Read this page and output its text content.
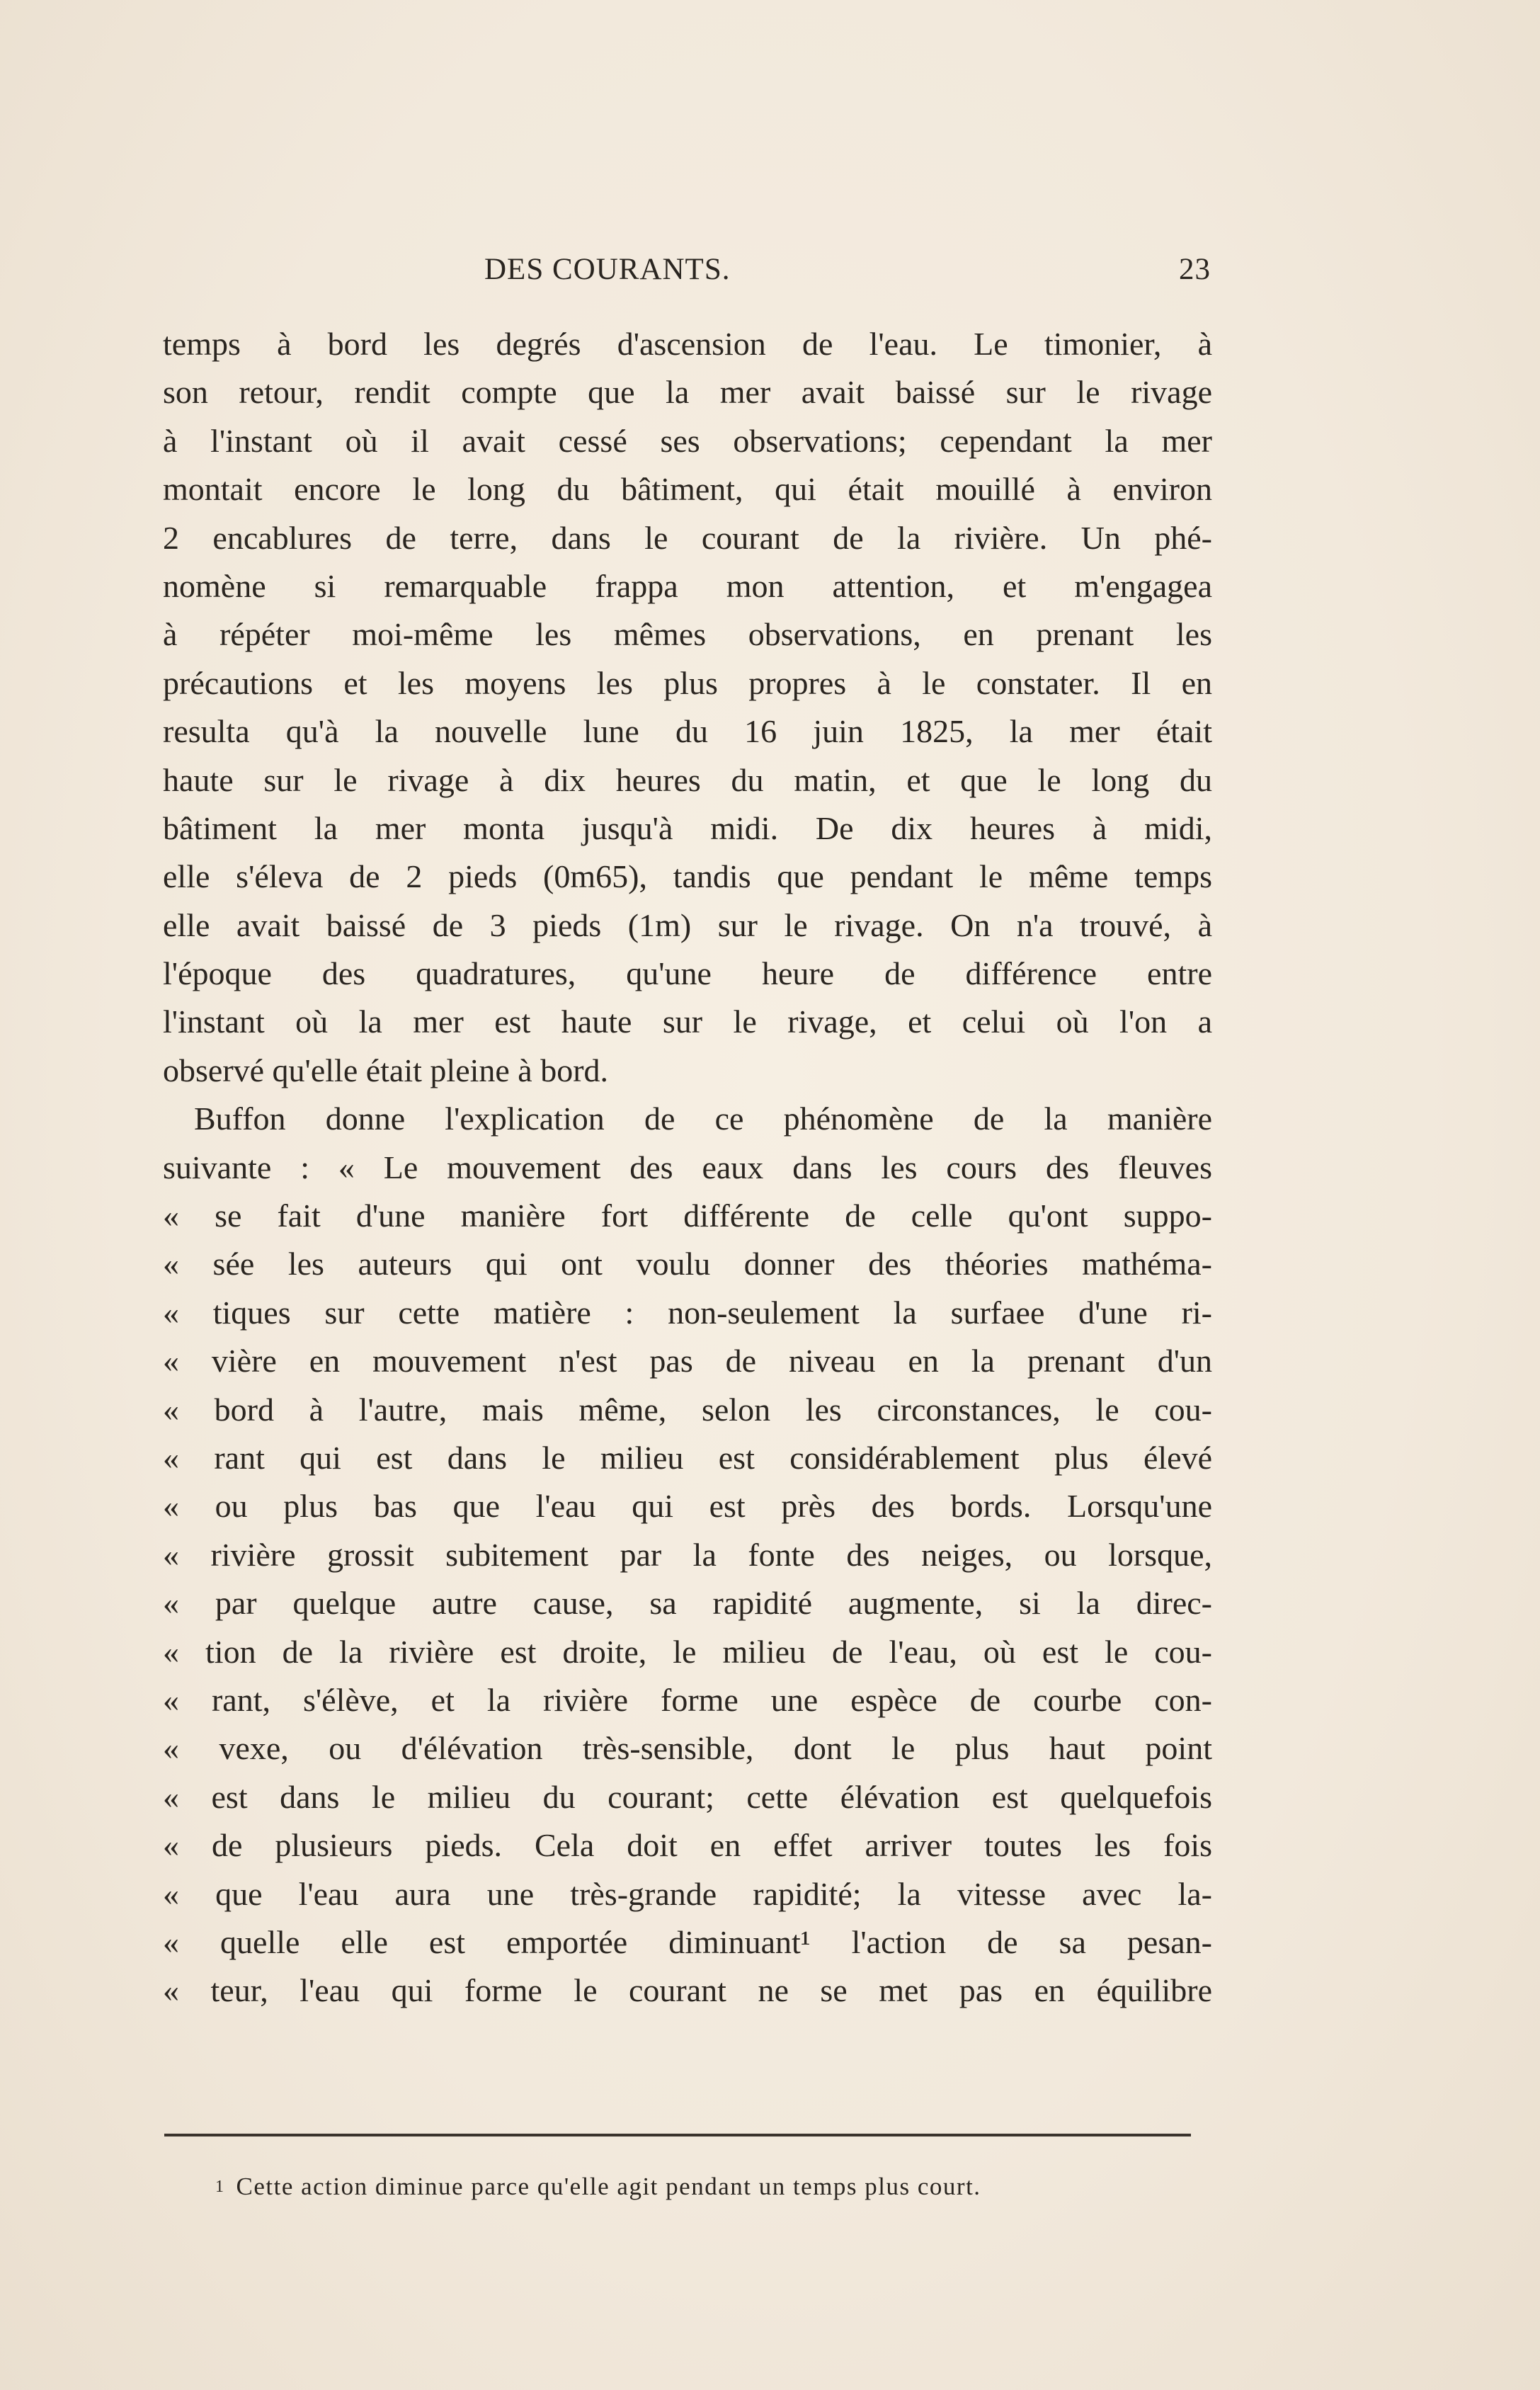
DES COURANTS.	23
temps à bord les degrés d'ascension de l'eau. Le timonier, à
son retour, rendit compte que la mer avait baissé sur le rivage
à l'instant où il avait cessé ses observations; cependant la mer
montait encore le long du bâtiment, qui était mouillé à environ
2 encablures de terre, dans le courant de la rivière. Un phé-
nomène si remarquable frappa mon attention, et m'engagea
à répéter moi-même les mêmes observations, en prenant les
précautions et les moyens les plus propres à le constater. Il en
resulta qu'à la nouvelle lune du 16 juin 1825, la mer était
haute sur le rivage à dix heures du matin, et que le long du
bâtiment la mer monta jusqu'à midi. De dix heures à midi,
elle s'éleva de 2 pieds (0m65), tandis que pendant le même temps
elle avait baissé de 3 pieds (1m) sur le rivage. On n'a trouvé, à
l'époque des quadratures, qu'une heure de différence entre
l'instant où la mer est haute sur le rivage, et celui où l'on a
observé qu'elle était pleine à bord.
Buffon donne l'explication de ce phénomène de la manière
suivante : « Le mouvement des eaux dans les cours des fleuves
« se fait d'une manière fort différente de celle qu'ont suppo-
« sée les auteurs qui ont voulu donner des théories mathéma-
« tiques sur cette matière : non-seulement la surfaee d'une ri-
« vière en mouvement n'est pas de niveau en la prenant d'un
« bord à l'autre, mais même, selon les circonstances, le cou-
« rant qui est dans le milieu est considérablement plus élevé
« ou plus bas que l'eau qui est près des bords. Lorsqu'une
« rivière grossit subitement par la fonte des neiges, ou lorsque,
« par quelque autre cause, sa rapidité augmente, si la direc-
« tion de la rivière est droite, le milieu de l'eau, où est le cou-
« rant, s'élève, et la rivière forme une espèce de courbe con-
« vexe, ou d'élévation très-sensible, dont le plus haut point
« est dans le milieu du courant; cette élévation est quelquefois
« de plusieurs pieds. Cela doit en effet arriver toutes les fois
« que l'eau aura une très-grande rapidité; la vitesse avec la-
« quelle elle est emportée diminuant¹ l'action de sa pesan-
« teur, l'eau qui forme le courant ne se met pas en équilibre
1 Cette action diminue parce qu'elle agit pendant un temps plus court.
